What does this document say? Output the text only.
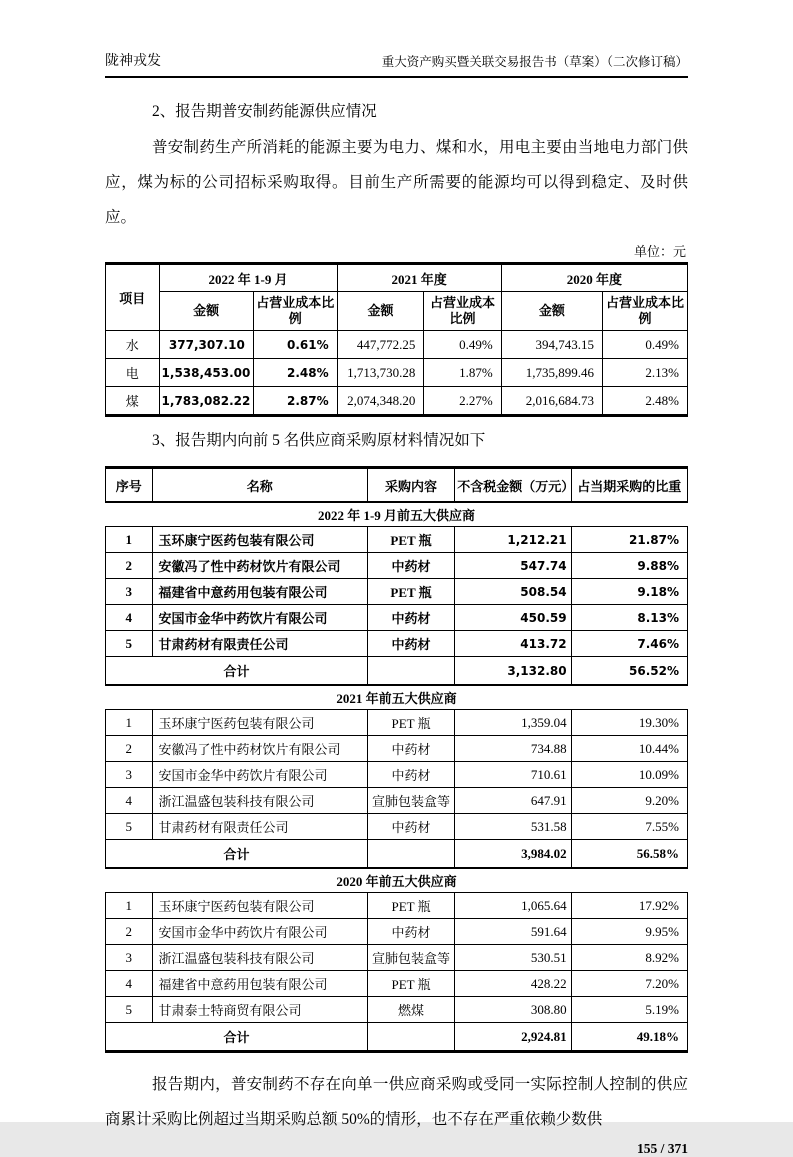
陇神戎发	重大资产购买暨关联交易报告书（草案）（二次修订稿）
2、报告期普安制药能源供应情况
普安制药生产所消耗的能源主要为电力、煤和水，用电主要由当地电力部门供应，煤为标的公司招标采购取得。目前生产所需要的能源均可以得到稳定、及时供应。
单位：元
项目	2022 年 1-9 月		2021 年度		2020 年度	
	金额	占营业成本比例	金额	占营业成本比例	金额	占营业成本比例
水	377,307.10	0.61%	447,772.25	0.49%	394,743.15	0.49%
电	1,538,453.00	2.48%	1,713,730.28	1.87%	1,735,899.46	2.13%
煤	1,783,082.22	2.87%	2,074,348.20	2.27%	2,016,684.73	2.48%
3、报告期内向前 5 名供应商采购原材料情况如下
序号	名称	采购内容	不含税金额（万元）	占当期采购的比重
2022 年 1-9 月前五大供应商				
1	玉环康宁医药包装有限公司	PET 瓶	1,212.21	21.87%
2	安徽冯了性中药材饮片有限公司	中药材	547.74	9.88%
3	福建省中意药用包装有限公司	PET 瓶	508.54	9.18%
4	安国市金华中药饮片有限公司	中药材	450.59	8.13%
5	甘肃药材有限责任公司	中药材	413.72	7.46%
合计			3,132.80	56.52%
2021 年前五大供应商				
1	玉环康宁医药包装有限公司	PET 瓶	1,359.04	19.30%
2	安徽冯了性中药材饮片有限公司	中药材	734.88	10.44%
3	安国市金华中药饮片有限公司	中药材	710.61	10.09%
4	浙江温盛包装科技有限公司	宣肺包装盒等	647.91	9.20%
5	甘肃药材有限责任公司	中药材	531.58	7.55%
合计			3,984.02	56.58%
2020 年前五大供应商				
1	玉环康宁医药包装有限公司	PET 瓶	1,065.64	17.92%
2	安国市金华中药饮片有限公司	中药材	591.64	9.95%
3	浙江温盛包装科技有限公司	宣肺包装盒等	530.51	8.92%
4	福建省中意药用包装有限公司	PET 瓶	428.22	7.20%
5	甘肃泰士特商贸有限公司	燃煤	308.80	5.19%
合计			2,924.81	49.18%
报告期内，普安制药不存在向单一供应商采购或受同一实际控制人控制的供应商累计采购比例超过当期采购总额 50%的情形，也不存在严重依赖少数供
155 / 371
